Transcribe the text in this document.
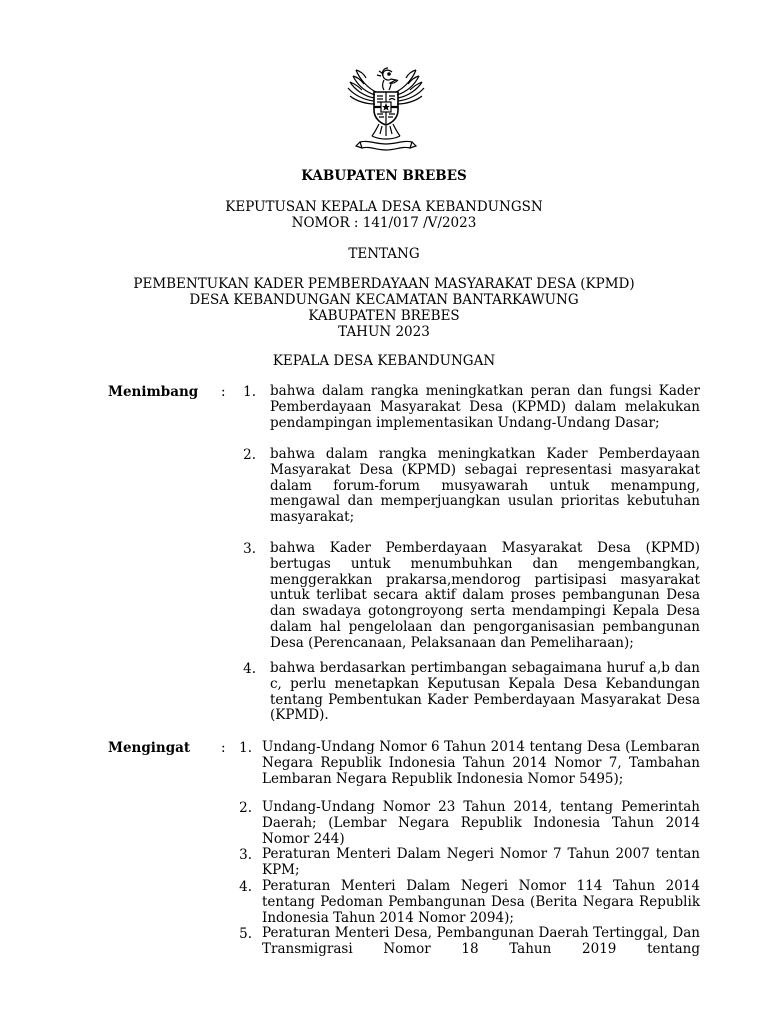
KABUPATEN BREBES
KEPUTUSAN KEPALA DESA KEBANDUNGSN
NOMOR : 141/017 /V/2023
TENTANG
PEMBENTUKAN KADER PEMBERDAYAAN MASYARAKAT DESA (KPMD)
DESA KEBANDUNGAN KECAMATAN BANTARKAWUNG
KABUPATEN BREBES
TAHUN 2023
KEPALA DESA KEBANDUNGAN
Menimbang :	1. bahwa dalam rangka meningkatkan peran dan fungsi Kader Pemberdayaan Masyarakat Desa (KPMD) dalam melakukan pendampingan implementasikan Undang-Undang Dasar;

2. bahwa dalam rangka meningkatkan Kader Pemberdayaan Masyarakat Desa (KPMD) sebagai representasi masyarakat dalam forum-forum musyawarah untuk menampung, mengawal dan memperjuangkan usulan prioritas kebutuhan masyarakat;

3. bahwa Kader Pemberdayaan Masyarakat Desa (KPMD) bertugas untuk menumbuhkan dan mengembangkan, menggerakkan prakarsa,mendorog partisipasi masyarakat untuk terlibat secara aktif dalam proses pembangunan Desa dan swadaya gotongroyong serta mendampingi Kepala Desa dalam hal pengelolaan dan pengorganisasian pembangunan Desa (Perencanaan, Pelaksanaan dan Pemeliharaan);

4. bahwa berdasarkan pertimbangan sebagaimana huruf a,b dan c, perlu menetapkan Keputusan Kepala Desa Kebandungan tentang Pembentukan Kader Pemberdayaan Masyarakat Desa (KPMD).

Mengingat :	1. Undang-Undang Nomor 6 Tahun 2014 tentang Desa (Lembaran Negara Republik Indonesia Tahun 2014 Nomor 7, Tambahan Lembaran Negara Republik Indonesia Nomor 5495);

2. Undang-Undang Nomor 23 Tahun 2014, tentang Pemerintah Daerah; (Lembar Negara Republik Indonesia Tahun 2014 Nomor 244)

3. Peraturan Menteri Dalam Negeri Nomor 7 Tahun 2007 tentan KPM;

4. Peraturan Menteri Dalam Negeri Nomor 114 Tahun 2014 tentang Pedoman Pembangunan Desa (Berita Negara Republik Indonesia Tahun 2014 Nomor 2094);

5. Peraturan Menteri Desa, Pembangunan Daerah Tertinggal, Dan Transmigrasi Nomor 18 Tahun 2019 tentang
